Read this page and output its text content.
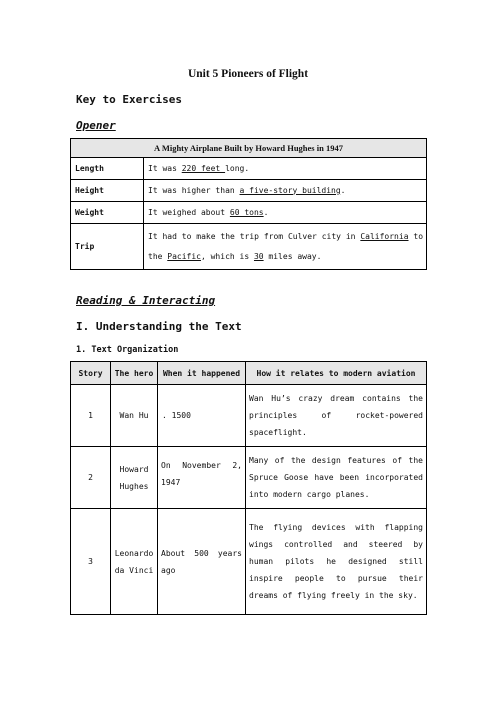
Unit 5 Pioneers of Flight
Key to Exercises
Opener
A Mighty Airplane Built by Howard Hughes in 1947	
Length	It was 220 feet long.
Height	It was higher than a five-story building.
Weight	It weighed about 60 tons.
Trip	It had to make the trip from Culver city in California to the Pacific, which is 30 miles away.
Reading & Interacting
I. Understanding the Text
1. Text Organization
Story	The hero	When it happened	How it relates to modern aviation
1	Wan Hu	. 1500	Wan Hu’s crazy dream contains the principles of rocket-powered spaceflight.
2	Howard Hughes	On November 2, 1947	Many of the design features of the Spruce Goose have been incorporated into modern cargo planes.
3	Leonardo da Vinci	About 500 years ago	The flying devices with flapping wings controlled and steered by human pilots he designed still inspire people to pursue their dreams of flying freely in the sky.
